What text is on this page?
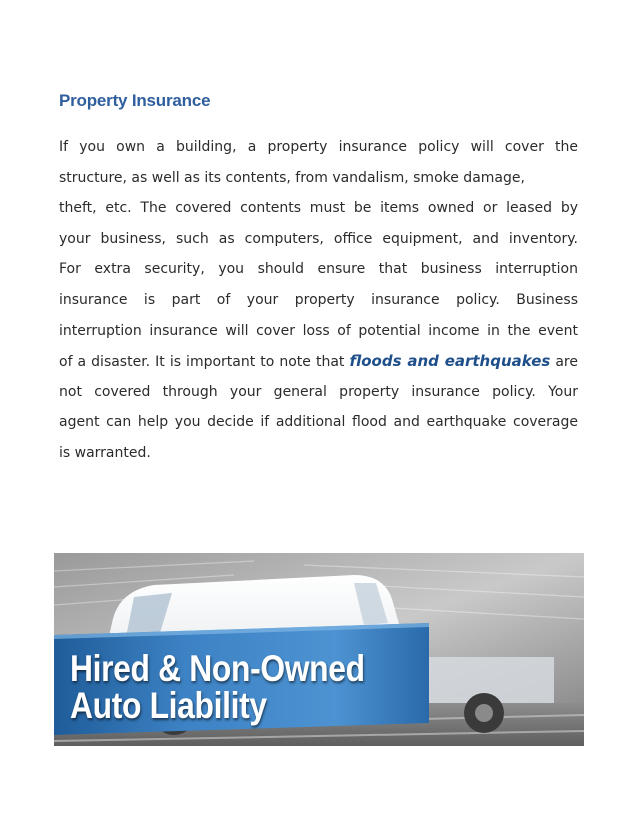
Property Insurance
If you own a building, a property insurance policy will cover the
structure, as well as its contents, from vandalism, smoke damage,
theft, etc. The covered contents must be items owned or leased by
your business, such as computers, office equipment, and inventory.
For extra security, you should ensure that business interruption
insurance is part of your property insurance policy. Business
interruption insurance will cover loss of potential income in the event
of a disaster. It is important to note that floods and earthquakes are
not covered through your general property insurance policy. Your
agent can help you decide if additional flood and earthquake coverage
is warranted.
Hired & Non-Owned
Auto Liability
